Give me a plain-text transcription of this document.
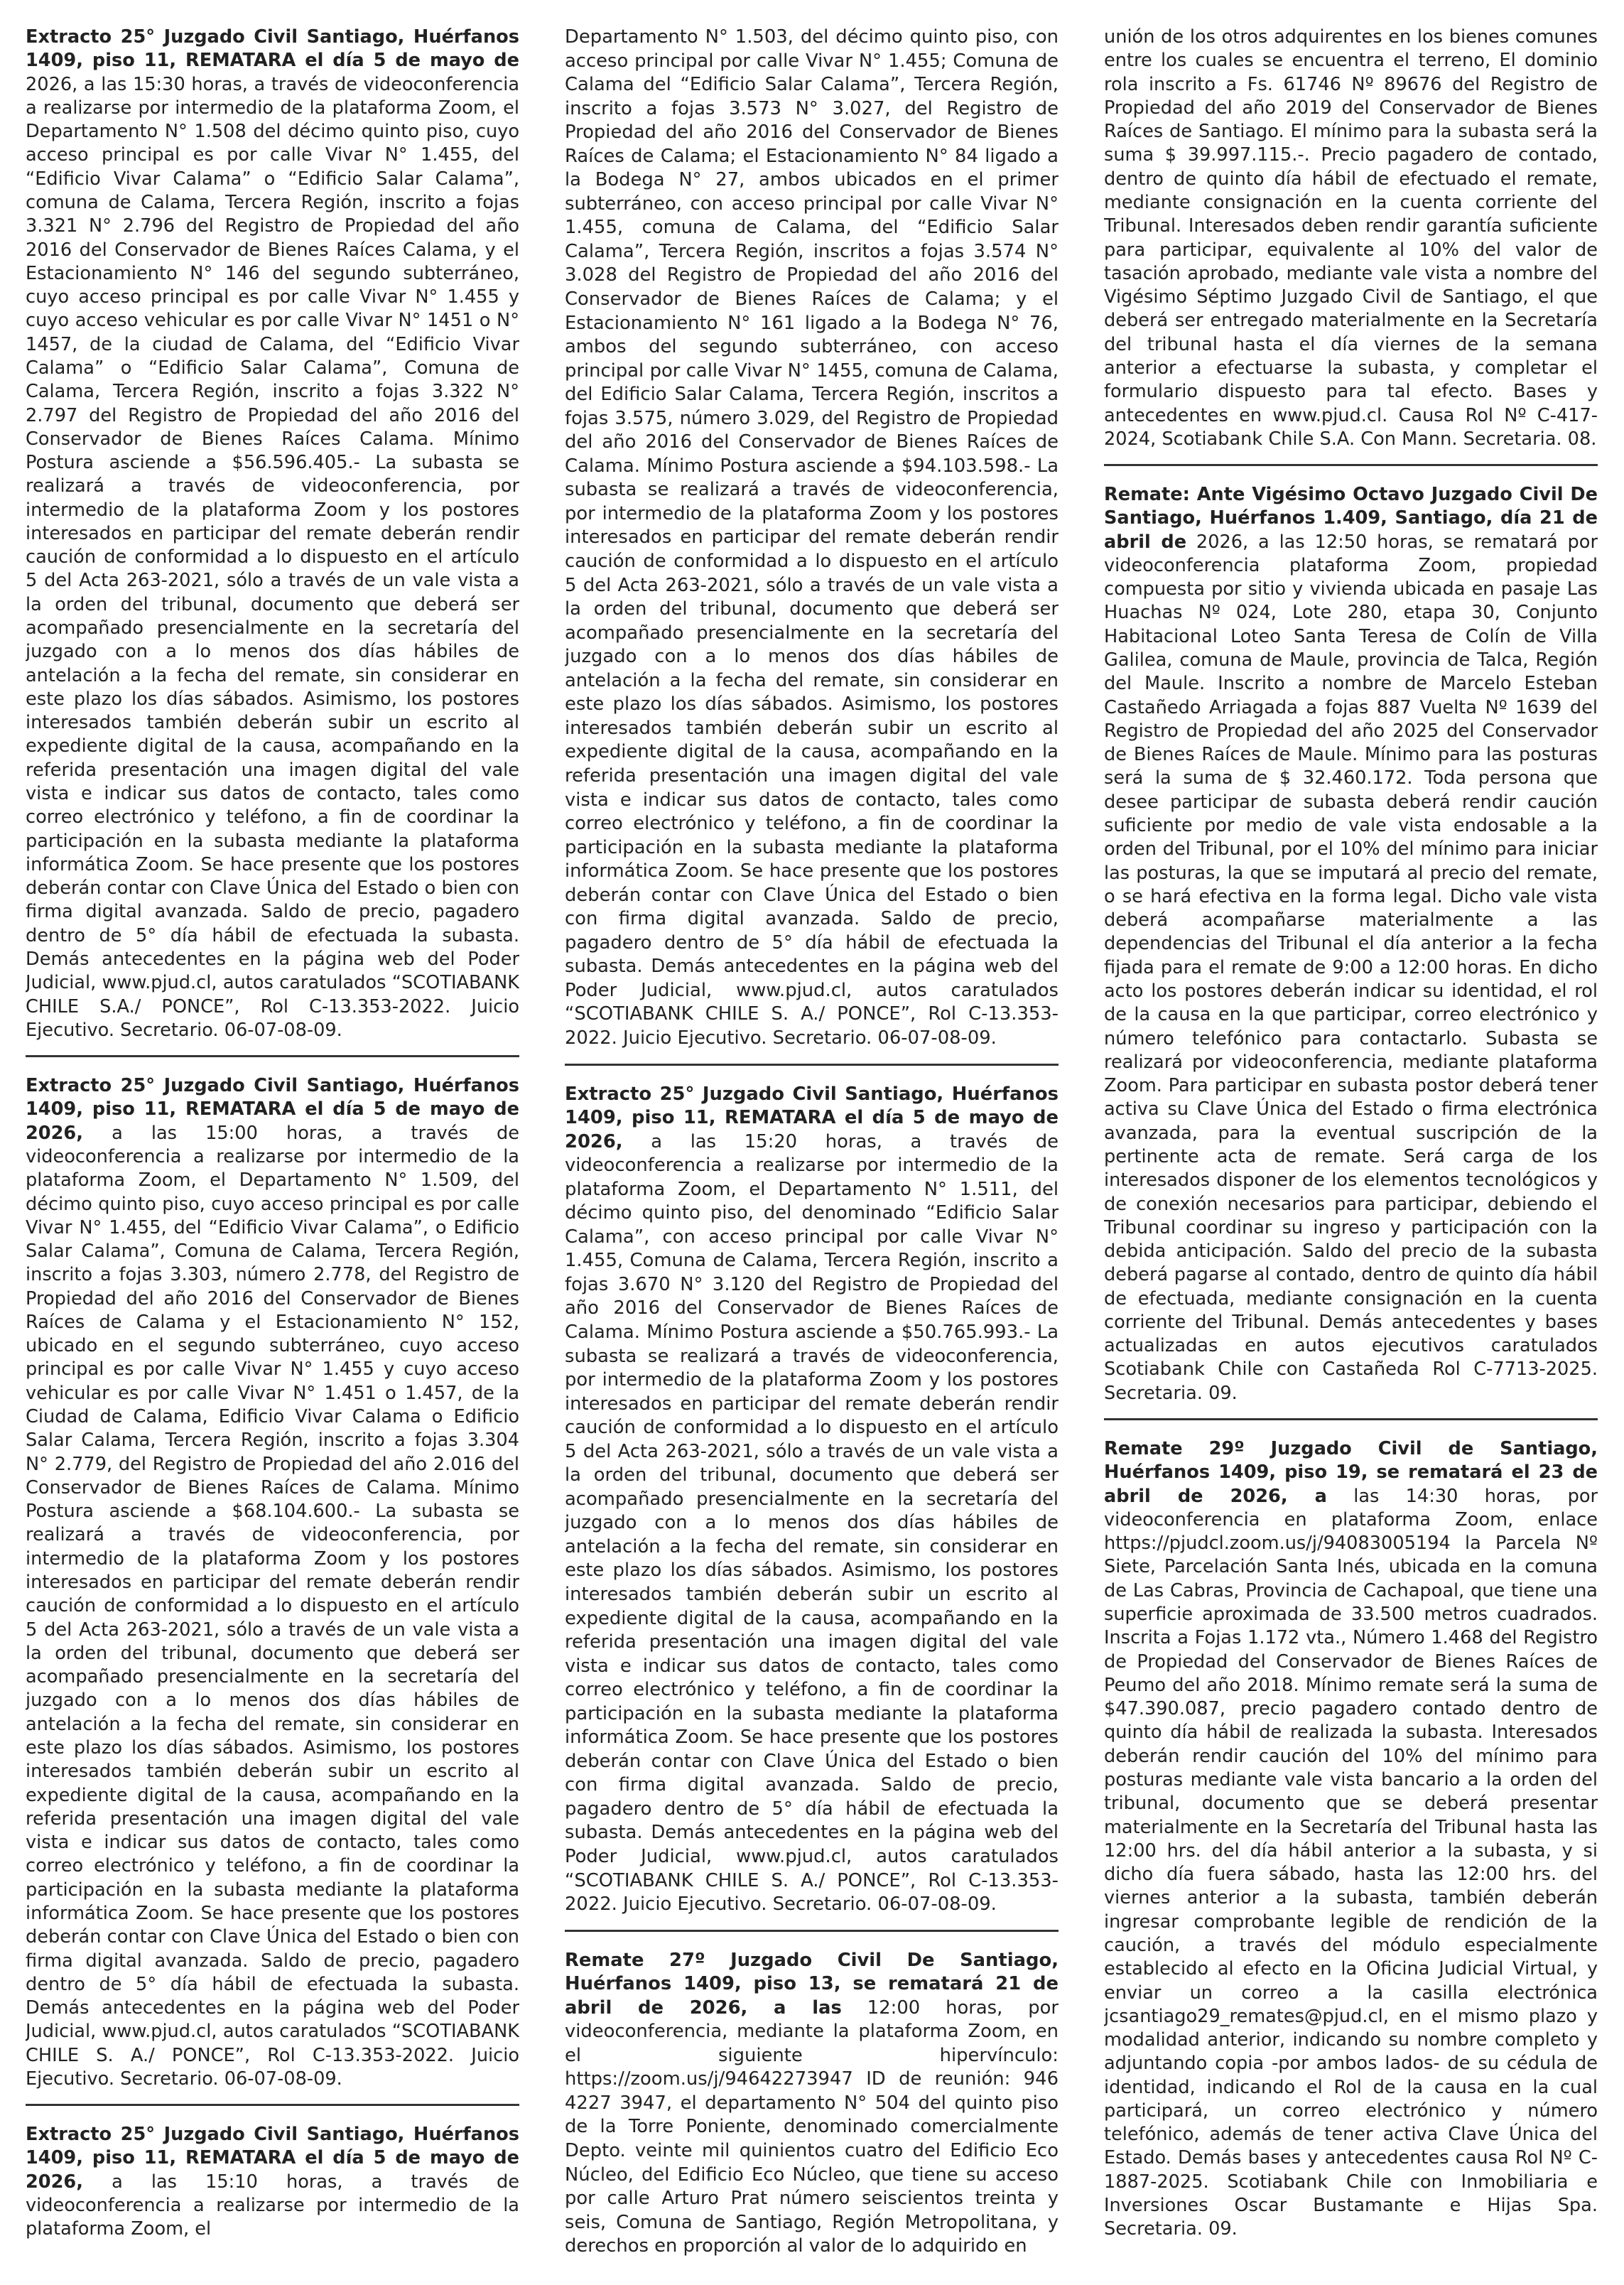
Extracto 25° Juzgado Civil Santiago, Huérfanos 1409, piso 11, REMATARA el día 5 de mayo de 2026, a las 15:30 horas, a través de videoconferencia a realizarse por intermedio de la plataforma Zoom, el Departamento N° 1.508 del décimo quinto piso, cuyo acceso principal es por calle Vivar N° 1.455, del “Edificio Vivar Calama” o “Edificio Salar Calama”, comuna de Calama, Tercera Región, inscrito a fojas 3.321 N° 2.796 del Registro de Propiedad del año 2016 del Conservador de Bienes Raíces Calama, y el Estacionamiento N° 146 del segundo subterráneo, cuyo acceso principal es por calle Vivar N° 1.455 y cuyo acceso vehicular es por calle Vivar N° 1451 o N° 1457, de la ciudad de Calama, del “Edificio Vivar Calama” o “Edificio Salar Calama”, Comuna de Calama, Tercera Región, inscrito a fojas 3.322 N° 2.797 del Registro de Propiedad del año 2016 del Conservador de Bienes Raíces Calama. Mínimo Postura asciende a $56.596.405.- La subasta se realizará a través de videoconferencia, por intermedio de la plataforma Zoom y los postores interesados en participar del remate deberán rendir caución de conformidad a lo dispuesto en el artículo 5 del Acta 263-2021, sólo a través de un vale vista a la orden del tribunal, documento que deberá ser acompañado presencialmente en la secretaría del juzgado con a lo menos dos días hábiles de antelación a la fecha del remate, sin considerar en este plazo los días sábados. Asimismo, los postores interesados también deberán subir un escrito al expediente digital de la causa, acompañando en la referida presentación una imagen digital del vale vista e indicar sus datos de contacto, tales como correo electrónico y teléfono, a fin de coordinar la participación en la subasta mediante la plataforma informática Zoom. Se hace presente que los postores deberán contar con Clave Única del Estado o bien con firma digital avanzada. Saldo de precio, pagadero dentro de 5° día hábil de efectuada la subasta. Demás antecedentes en la página web del Poder Judicial, www.pjud.cl, autos caratulados “SCOTIABANK CHILE S.A./ PONCE”, Rol C-13.353-2022. Juicio Ejecutivo. Secretario. 06-07-08-09.

Extracto 25° Juzgado Civil Santiago, Huérfanos 1409, piso 11, REMATARA el día 5 de mayo de 2026, a las 15:00 horas, a través de videoconferencia a realizarse por intermedio de la plataforma Zoom, el Departamento N° 1.509, del décimo quinto piso, cuyo acceso principal es por calle Vivar N° 1.455, del “Edificio Vivar Calama”, o Edificio Salar Calama”, Comuna de Calama, Tercera Región, inscrito a fojas 3.303, número 2.778, del Registro de Propiedad del año 2016 del Conservador de Bienes Raíces de Calama y el Estacionamiento N° 152, ubicado en el segundo subterráneo, cuyo acceso principal es por calle Vivar N° 1.455 y cuyo acceso vehicular es por calle Vivar N° 1.451 o 1.457, de la Ciudad de Calama, Edificio Vivar Calama o Edificio Salar Calama, Tercera Región, inscrito a fojas 3.304 N° 2.779, del Registro de Propiedad del año 2.016 del Conservador de Bienes Raíces de Calama. Mínimo Postura asciende a $68.104.600.- La subasta se realizará a través de videoconferencia, por intermedio de la plataforma Zoom y los postores interesados en participar del remate deberán rendir caución de conformidad a lo dispuesto en el artículo 5 del Acta 263-2021, sólo a través de un vale vista a la orden del tribunal, documento que deberá ser acompañado presencialmente en la secretaría del juzgado con a lo menos dos días hábiles de antelación a la fecha del remate, sin considerar en este plazo los días sábados. Asimismo, los postores interesados también deberán subir un escrito al expediente digital de la causa, acompañando en la referida presentación una imagen digital del vale vista e indicar sus datos de contacto, tales como correo electrónico y teléfono, a fin de coordinar la participación en la subasta mediante la plataforma informática Zoom. Se hace presente que los postores deberán contar con Clave Única del Estado o bien con firma digital avanzada. Saldo de precio, pagadero dentro de 5° día hábil de efectuada la subasta. Demás antecedentes en la página web del Poder Judicial, www.pjud.cl, autos caratulados “SCOTIABANK CHILE S. A./ PONCE”, Rol C-13.353-2022. Juicio Ejecutivo. Secretario. 06-07-08-09.

Extracto 25° Juzgado Civil Santiago, Huérfanos 1409, piso 11, REMATARA el día 5 de mayo de 2026, a las 15:10 horas, a través de videoconferencia a realizarse por intermedio de la plataforma Zoom, el

Departamento N° 1.503, del décimo quinto piso, con acceso principal por calle Vivar N° 1.455; Comuna de Calama del “Edificio Salar Calama”, Tercera Región, inscrito a fojas 3.573 N° 3.027, del Registro de Propiedad del año 2016 del Conservador de Bienes Raíces de Calama; el Estacionamiento N° 84 ligado a la Bodega N° 27, ambos ubicados en el primer subterráneo, con acceso principal por calle Vivar N° 1.455, comuna de Calama, del “Edificio Salar Calama”, Tercera Región, inscritos a fojas 3.574 N° 3.028 del Registro de Propiedad del año 2016 del Conservador de Bienes Raíces de Calama; y el Estacionamiento N° 161 ligado a la Bodega N° 76, ambos del segundo subterráneo, con acceso principal por calle Vivar N° 1455, comuna de Calama, del Edificio Salar Calama, Tercera Región, inscritos a fojas 3.575, número 3.029, del Registro de Propiedad del año 2016 del Conservador de Bienes Raíces de Calama. Mínimo Postura asciende a $94.103.598.- La subasta se realizará a través de videoconferencia, por intermedio de la plataforma Zoom y los postores interesados en participar del remate deberán rendir caución de conformidad a lo dispuesto en el artículo 5 del Acta 263-2021, sólo a través de un vale vista a la orden del tribunal, documento que deberá ser acompañado presencialmente en la secretaría del juzgado con a lo menos dos días hábiles de antelación a la fecha del remate, sin considerar en este plazo los días sábados. Asimismo, los postores interesados también deberán subir un escrito al expediente digital de la causa, acompañando en la referida presentación una imagen digital del vale vista e indicar sus datos de contacto, tales como correo electrónico y teléfono, a fin de coordinar la participación en la subasta mediante la plataforma informática Zoom. Se hace presente que los postores deberán contar con Clave Única del Estado o bien con firma digital avanzada. Saldo de precio, pagadero dentro de 5° día hábil de efectuada la subasta. Demás antecedentes en la página web del Poder Judicial, www.pjud.cl, autos caratulados “SCOTIABANK CHILE S. A./ PONCE”, Rol C-13.353-2022. Juicio Ejecutivo. Secretario. 06-07-08-09.

Extracto 25° Juzgado Civil Santiago, Huérfanos 1409, piso 11, REMATARA el día 5 de mayo de 2026, a las 15:20 horas, a través de videoconferencia a realizarse por intermedio de la plataforma Zoom, el Departamento N° 1.511, del décimo quinto piso, del denominado “Edificio Salar Calama”, con acceso principal por calle Vivar N° 1.455, Comuna de Calama, Tercera Región, inscrito a fojas 3.670 N° 3.120 del Registro de Propiedad del año 2016 del Conservador de Bienes Raíces de Calama. Mínimo Postura asciende a $50.765.993.- La subasta se realizará a través de videoconferencia, por intermedio de la plataforma Zoom y los postores interesados en participar del remate deberán rendir caución de conformidad a lo dispuesto en el artículo 5 del Acta 263-2021, sólo a través de un vale vista a la orden del tribunal, documento que deberá ser acompañado presencialmente en la secretaría del juzgado con a lo menos dos días hábiles de antelación a la fecha del remate, sin considerar en este plazo los días sábados. Asimismo, los postores interesados también deberán subir un escrito al expediente digital de la causa, acompañando en la referida presentación una imagen digital del vale vista e indicar sus datos de contacto, tales como correo electrónico y teléfono, a fin de coordinar la participación en la subasta mediante la plataforma informática Zoom. Se hace presente que los postores deberán contar con Clave Única del Estado o bien con firma digital avanzada. Saldo de precio, pagadero dentro de 5° día hábil de efectuada la subasta. Demás antecedentes en la página web del Poder Judicial, www.pjud.cl, autos caratulados “SCOTIABANK CHILE S. A./ PONCE”, Rol C-13.353-2022. Juicio Ejecutivo. Secretario. 06-07-08-09.

Remate 27º Juzgado Civil De Santiago, Huérfanos 1409, piso 13, se rematará 21 de abril de 2026, a las 12:00 horas, por videoconferencia, mediante la plataforma Zoom, en el siguiente hipervínculo: https://zoom.us/j/94642273947 ID de reunión: 946 4227 3947, el departamento N° 504 del quinto piso de la Torre Poniente, denominado comercialmente Depto. veinte mil quinientos cuatro del Edificio Eco Núcleo, del Edificio Eco Núcleo, que tiene su acceso por calle Arturo Prat número seiscientos treinta y seis, Comuna de Santiago, Región Metropolitana, y derechos en proporción al valor de lo adquirido en

unión de los otros adquirentes en los bienes comunes entre los cuales se encuentra el terreno, El dominio rola inscrito a Fs. 61746 Nº 89676 del Registro de Propiedad del año 2019 del Conservador de Bienes Raíces de Santiago. El mínimo para la subasta será la suma $ 39.997.115.-. Precio pagadero de contado, dentro de quinto día hábil de efectuado el remate, mediante consignación en la cuenta corriente del Tribunal. Interesados deben rendir garantía suficiente para participar, equivalente al 10% del valor de tasación aprobado, mediante vale vista a nombre del Vigésimo Séptimo Juzgado Civil de Santiago, el que deberá ser entregado materialmente en la Secretaría del tribunal hasta el día viernes de la semana anterior a efectuarse la subasta, y completar el formulario dispuesto para tal efecto. Bases y antecedentes en www.pjud.cl. Causa Rol Nº C-417-2024, Scotiabank Chile S.A. Con Mann. Secretaria. 08.

Remate: Ante Vigésimo Octavo Juzgado Civil De Santiago, Huérfanos 1.409, Santiago, día 21 de abril de 2026, a las 12:50 horas, se rematará por videoconferencia plataforma Zoom, propiedad compuesta por sitio y vivienda ubicada en pasaje Las Huachas Nº 024, Lote 280, etapa 30, Conjunto Habitacional Loteo Santa Teresa de Colín de Villa Galilea, comuna de Maule, provincia de Talca, Región del Maule. Inscrito a nombre de Marcelo Esteban Castañedo Arriagada a fojas 887 Vuelta Nº 1639 del Registro de Propiedad del año 2025 del Conservador de Bienes Raíces de Maule. Mínimo para las posturas será la suma de $ 32.460.172. Toda persona que desee participar de subasta deberá rendir caución suficiente por medio de vale vista endosable a la orden del Tribunal, por el 10% del mínimo para iniciar las posturas, la que se imputará al precio del remate, o se hará efectiva en la forma legal. Dicho vale vista deberá acompañarse materialmente a las dependencias del Tribunal el día anterior a la fecha fijada para el remate de 9:00 a 12:00 horas. En dicho acto los postores deberán indicar su identidad, el rol de la causa en la que participar, correo electrónico y número telefónico para contactarlo. Subasta se realizará por videoconferencia, mediante plataforma Zoom. Para participar en subasta postor deberá tener activa su Clave Única del Estado o firma electrónica avanzada, para la eventual suscripción de la pertinente acta de remate. Será carga de los interesados disponer de los elementos tecnológicos y de conexión necesarios para participar, debiendo el Tribunal coordinar su ingreso y participación con la debida anticipación. Saldo del precio de la subasta deberá pagarse al contado, dentro de quinto día hábil de efectuada, mediante consignación en la cuenta corriente del Tribunal. Demás antecedentes y bases actualizadas en autos ejecutivos caratulados Scotiabank Chile con Castañeda Rol C-7713-2025. Secretaria. 09.

Remate 29º Juzgado Civil de Santiago, Huérfanos 1409, piso 19, se rematará el 23 de abril de 2026, a las 14:30 horas, por videoconferencia en plataforma Zoom, enlace https://pjudcl.zoom.us/j/94083005194 la Parcela Nº Siete, Parcelación Santa Inés, ubicada en la comuna de Las Cabras, Provincia de Cachapoal, que tiene una superficie aproximada de 33.500 metros cuadrados. Inscrita a Fojas 1.172 vta., Número 1.468 del Registro de Propiedad del Conservador de Bienes Raíces de Peumo del año 2018. Mínimo remate será la suma de $47.390.087, precio pagadero contado dentro de quinto día hábil de realizada la subasta. Interesados deberán rendir caución del 10% del mínimo para posturas mediante vale vista bancario a la orden del tribunal, documento que se deberá presentar materialmente en la Secretaría del Tribunal hasta las 12:00 hrs. del día hábil anterior a la subasta, y si dicho día fuera sábado, hasta las 12:00 hrs. del viernes anterior a la subasta, también deberán ingresar comprobante legible de rendición de la caución, a través del módulo especialmente establecido al efecto en la Oficina Judicial Virtual, y enviar un correo a la casilla electrónica jcsantiago29_remates@pjud.cl, en el mismo plazo y modalidad anterior, indicando su nombre completo y adjuntando copia -por ambos lados- de su cédula de identidad, indicando el Rol de la causa en la cual participará, un correo electrónico y número telefónico, además de tener activa Clave Única del Estado. Demás bases y antecedentes causa Rol Nº C-1887-2025. Scotiabank Chile con Inmobiliaria e Inversiones Oscar Bustamante e Hijas Spa. Secretaria. 09.
